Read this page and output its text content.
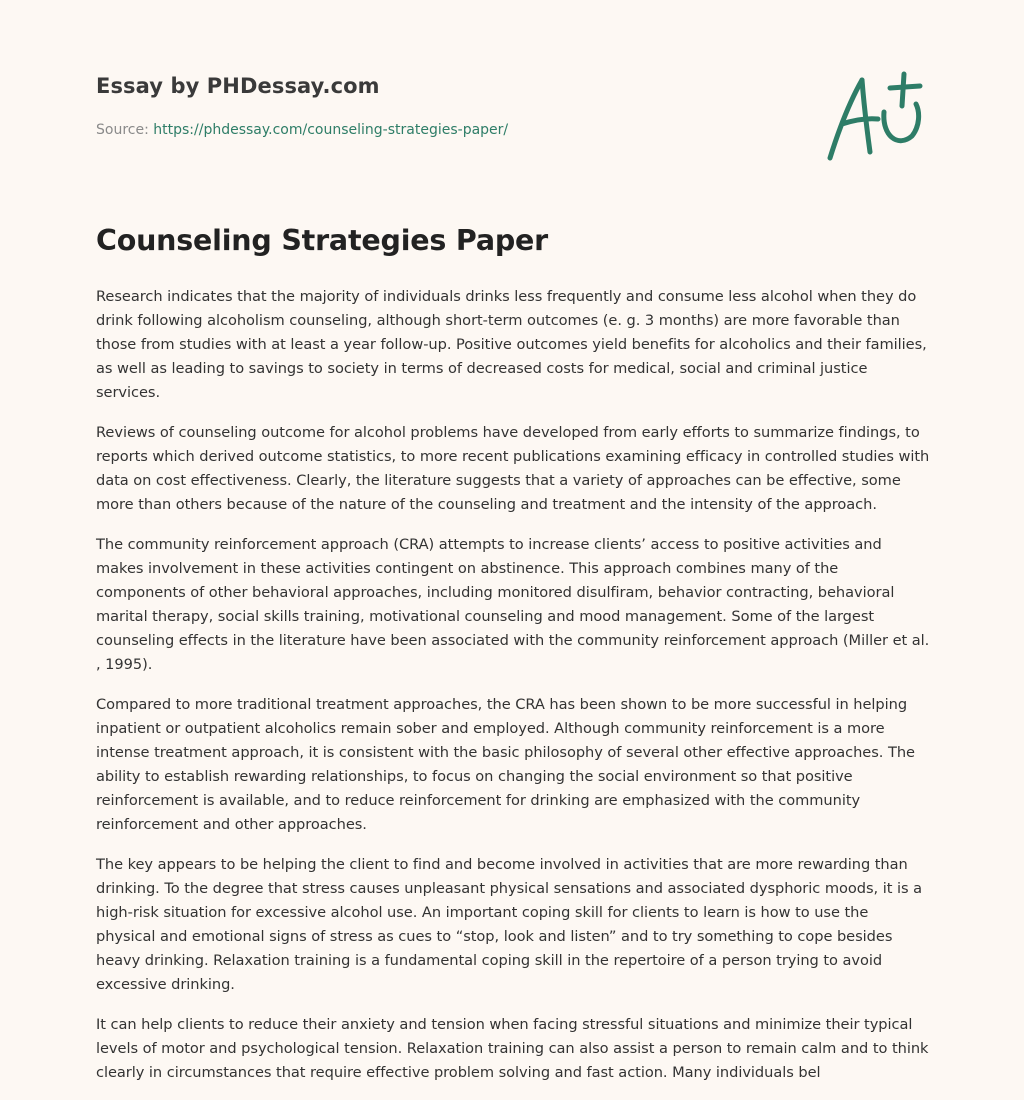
Essay by PHDessay.com
Source: https://phdessay.com/counseling-strategies-paper/
Counseling Strategies Paper

Research indicates that the majority of individuals drinks less frequently and consume less alcohol when they do drink following alcoholism counseling, although short-term outcomes (e. g. 3 months) are more favorable than those from studies with at least a year follow-up. Positive outcomes yield benefits for alcoholics and their families, as well as leading to savings to society in terms of decreased costs for medical, social and criminal justice services.

Reviews of counseling outcome for alcohol problems have developed from early efforts to summarize findings, to reports which derived outcome statistics, to more recent publications examining efficacy in controlled studies with data on cost effectiveness. Clearly, the literature suggests that a variety of approaches can be effective, some more than others because of the nature of the counseling and treatment and the intensity of the approach.

The community reinforcement approach (CRA) attempts to increase clients’ access to positive activities and makes involvement in these activities contingent on abstinence. This approach combines many of the components of other behavioral approaches, including monitored disulfiram, behavior contracting, behavioral marital therapy, social skills training, motivational counseling and mood management. Some of the largest counseling effects in the literature have been associated with the community reinforcement approach (Miller et al. , 1995).

Compared to more traditional treatment approaches, the CRA has been shown to be more successful in helping inpatient or outpatient alcoholics remain sober and employed. Although community reinforcement is a more intense treatment approach, it is consistent with the basic philosophy of several other effective approaches. The ability to establish rewarding relationships, to focus on changing the social environment so that positive reinforcement is available, and to reduce reinforcement for drinking are emphasized with the community reinforcement and other approaches.

The key appears to be helping the client to find and become involved in activities that are more rewarding than drinking. To the degree that stress causes unpleasant physical sensations and associated dysphoric moods, it is a high-risk situation for excessive alcohol use. An important coping skill for clients to learn is how to use the physical and emotional signs of stress as cues to “stop, look and listen” and to try something to cope besides heavy drinking. Relaxation training is a fundamental coping skill in the repertoire of a person trying to avoid excessive drinking.

It can help clients to reduce their anxiety and tension when facing stressful situations and minimize their typical levels of motor and psychological tension. Relaxation training can also assist a person to remain calm and to think clearly in circumstances that require effective problem solving and fast action. Many individuals bel
